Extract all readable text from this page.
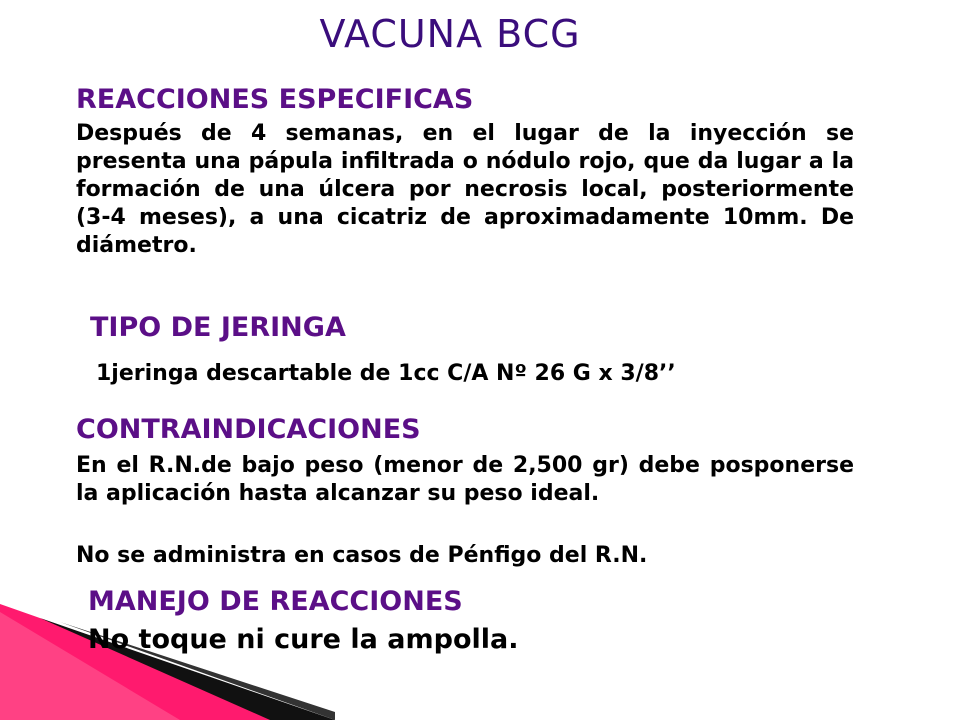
VACUNA BCG
REACCIONES ESPECIFICAS
Después de 4 semanas, en el lugar de la inyección se presenta una pápula infiltrada o nódulo rojo, que da lugar a la formación de una úlcera por necrosis local, posteriormente (3-4 meses), a una cicatriz de aproximadamente 10mm. De diámetro.
TIPO DE JERINGA
1jeringa descartable de 1cc C/A Nº 26 G x 3/8’’
CONTRAINDICACIONES
En el R.N.de bajo peso (menor de 2,500 gr) debe posponerse la aplicación hasta alcanzar su peso ideal.
No se administra en casos de Pénfigo del R.N.
MANEJO DE REACCIONES
No toque ni cure la ampolla.
